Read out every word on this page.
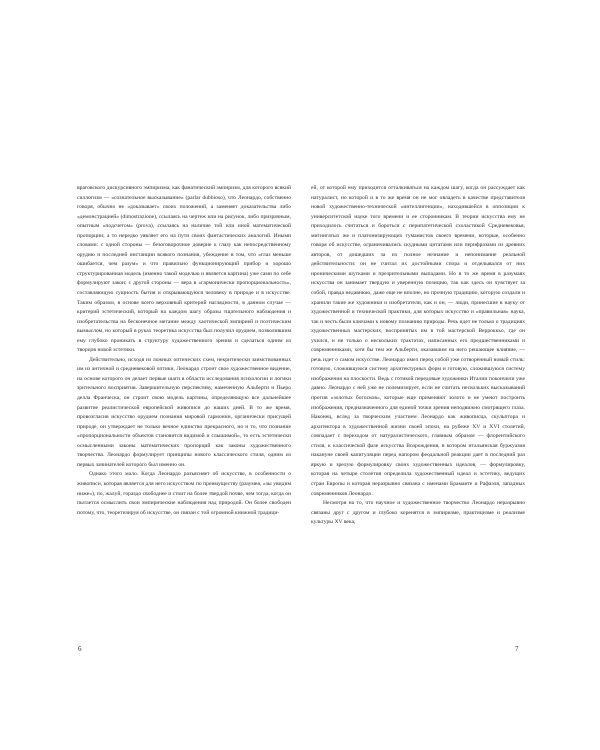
враговского дискурсивного эмпиризма, как фанатический эмпиризм, для которого всякий силлогизм — «сознательное высказывание» (parlar dubbioso), что Леонардо, собственно говоря, обычно не «доказывает» своих положений, а заменяет доказательства либо «демонстрацией» (dimostrazione), ссылаясь на чертеж или на рисунок, либо призрачным, опытным «подсчетом» (prova), ссылаясь на наличие той или иной математической пропорции; а то нередко уявляет его на пути своих фантастических аналогий. Иными словами: с одной стороны — безоговорочное доверие к глазу как непосредственному орудию и последней инстанции всякого познания, убеждение в том, что «глаз меньше ошибается, чем разум» и что правильно функционирующий прибор и хорошо структурированная модель (именно такой моделью и является картина) уже сами по себе формулируют закон; с другой стороны — вера в «гармонически пропорциональность», составляющую сущность бытия и открывающуюся человеку в природе и в искусстве. Таким образом, в основе всего верховный критерий наглядности, в данном случае — критерий эстетический, который на каждом шагу образы тщательного наблюдения и изобретательства на бесконечное метание между хаотической эмпирией и поэтическим вымыслом, но который в руках теоретика искусства был получил орудием, позволившим ему глубоко проникать в структуру художественного зрения и сделаться одним из творцов новой эстетики.

Действительно, исходя из ложных оптических схем, некритически заимствованных им из античной и средневековой оптики, Леонардо строит свое художественное видение, на основе которого он делает первые шаги в области исследования психологии и логики зрительного восприятия. Завершительную перспективу, намеченную Альберти и Пьеро делла Франческа, он строит свою модель картины, определяющую все дальнейшее развитие реалистической европейской живописи до наших дней. В то же время, провозгласив искусство орудием познания мировой гармонии, органически присущей природе, он утверждает не только вечное единство прекрасного, но и то, что познание «пропорциональности объектов становится видимой и слышимой», то есть эстетически осмысленными законы математических пропорций как законы художественного творчества. Леонардо формулирует принципы нового классического стиля, одним из первых зачинателей которого был именно он.

Однако этого мало. Когда Леонардо разъясняет об искусстве, в особенности о живописи, которая является для него искусством по преимуществу (разумея, «зы увидим ниже»), по, жалуй, гораздо свободнее и стоит на более твердой почве, чем тогда, когда он пытается осмыслить свои эмпирические наблюдения над природой. Он более свободен потому, что, теоретизируя об искусстве, он связан с той огромной книжной традици-

6

ей, от которой ему приходится отталкиваться на каждом шагу, когда он рассуждает как натуралист, но которой и в то же время он не мог овладеть в качестве представителя новой художественно-технической «интеллигенции», находившейся в оппозиции к университетской науке того времени и ее сторонникам. В теории искусства ему не приходилось считаться и бороться с перипатетической схоластикой Средневековья, митингатых же и платонизирующих гуманистов своего времени, которые, особенно говоря об искусстве, ограничивались скудными цитатами или перифразами из древних авторов, от дошедших за их полное незнание и непонимание реальной действительности: он не считал их достойными спора и отделывался от них ироническими шутками и презрительными выпадами. Но в то же время в разумаях искусства он занимает твердую и уверенную позицию, так как здесь он чувствует за собой, правда недавнюю, даже еще не вполне, но прочную традицию, которую создали и хранили такие же художники и изобретатели, как и он, — люди, принесшие в науку от художественной и технической практики, для которых искусство и «правильная» наука, так и честь были ключами к новому познанию природы. Речь идет не только о традициях художественных мастерских, воспринятых им в той мастерской Верроккьо, где он учился, и не только о нескольких трактатах, написанных его предшественниками и современниками, хотя бы тем же Альберти, оказавшим на него решающее влияние, — речь идет о самом искусстве. Леонардо имел перед собой уже сотворенный новый стиль: готовую, сложившуюся систему архитектурных форм и готовую, сложившуюся систему изображения на плоскости. Ведь с готикой передовые художники Италии покончили уже давно. Леонардо с ней уже не полемизирует, если не считать нескольких высказываний против «золотых богосков», которые еще применяют золото и не умеют построить изображения, предназначенного для единой точки зрения неподвижно смотрящего глаза. Наконец, вслед за творческим участием Леонардо как живописца, скульптора и архитектора в художественной жизни своей эпохи, на рубеже XV и XVI столетий, совпадает с переходом от натуралистического, главным образом — флорентийского стиля, к классической фазе искусства Возрождения, в котором итальянская буржуазия накануне своей капитуляции перед напором феодальной реакции дает в последний раз яркую и зрелую формулировку своих художественных идеалов, — формулировку, которая на четыре столетия определила художественный идеал и эстетику, ведущих стран Европы и которая неразрывно связана с именами Браманте и Рафаэля, западных современников Леонардо.

Несмотря на то, что научное и художественное творчество Леонардо неразрывно связаны друг с другом и глубоко коренятся в эмпиризме, практицизме и реализме культуры XV века,

7
